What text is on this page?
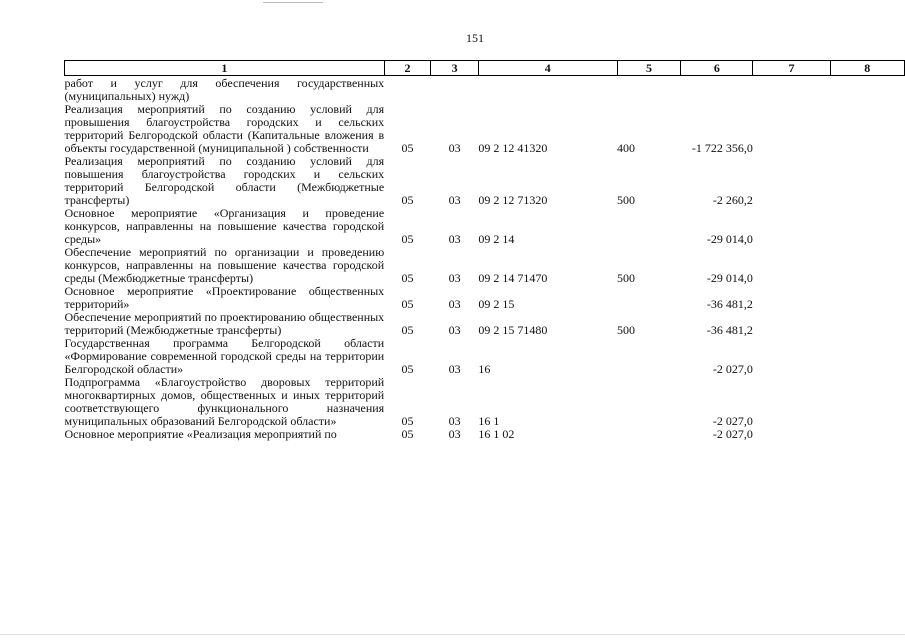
151
1	2	3	4	5	6	7	8
работ и услуг для обеспечения государственных (муниципальных) нужд)							
Реализация мероприятий по созданию условий для провышения благоустройства городских и сельских территорий Белгородской области (Капитальные вложения в объекты государственной (муниципальной ) собственности	05	03	09 2 12 41320	400	-1 722 356,0		
Реализация мероприятий по созданию условий для повышения благоустройства городских и сельских территорий Белгородской области (Межбюджетные трансферты)	05	03	09 2 12 71320	500	-2 260,2		
Основное мероприятие «Организация и проведение конкурсов, направленны на повышение качества городской среды»	05	03	09 2 14		-29 014,0		
Обеспечение мероприятий по организации и проведению конкурсов, направленны на повышение качества городской среды (Межбюджетные трансферты)	05	03	09 2 14 71470	500	-29 014,0		
Основное мероприятие «Проектирование общественных территорий»	05	03	09 2 15		-36 481,2		
Обеспечение мероприятий по проектированию общественных территорий (Межбюджетные трансферты)	05	03	09 2 15 71480	500	-36 481,2		
Государственная программа Белгородской области «Формирование современной городской среды на территории Белгородской области»	05	03	16		-2 027,0		
Подпрограмма «Благоустройство дворовых территорий многоквартирных домов, общественных и иных территорий соответствующего функционального назначения муниципальных образований Белгородской области»	05	03	16 1		-2 027,0		
Основное мероприятие «Реализация мероприятий по	05	03	16 1 02		-2 027,0		
